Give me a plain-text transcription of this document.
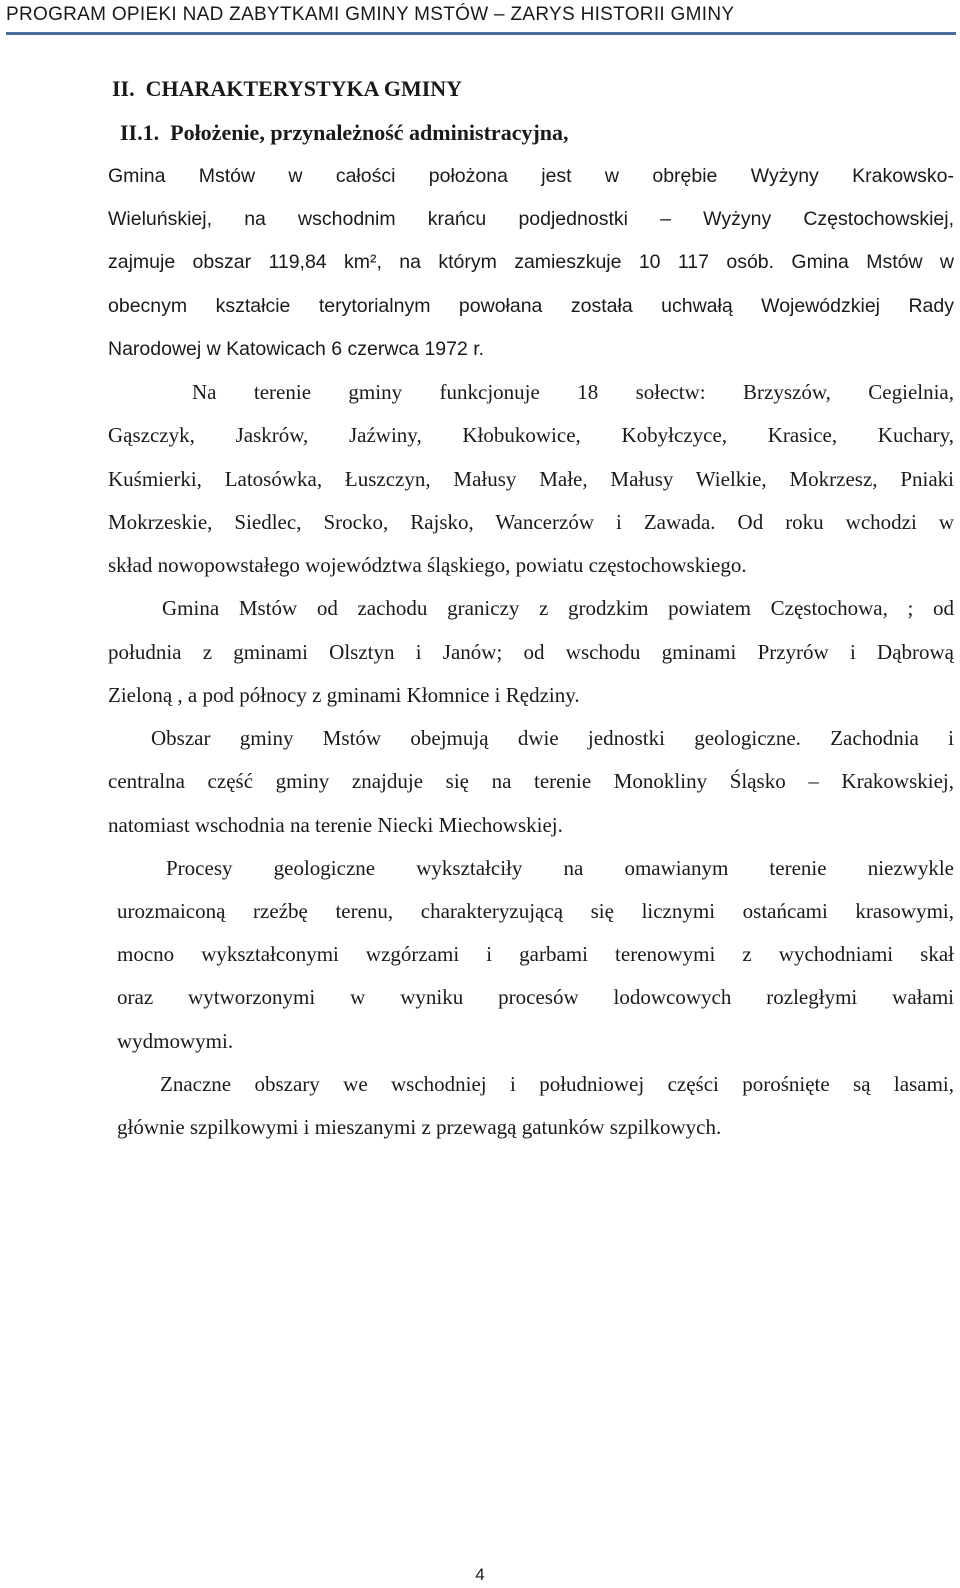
PROGRAM OPIEKI NAD ZABYTKAMI GMINY MSTÓW – ZARYS HISTORII GMINY
II. CHARAKTERYSTYKA GMINY
II.1. Położenie, przynależność administracyjna,
Gmina Mstów w całości położona jest w obrębie Wyżyny Krakowsko-
Wieluńskiej, na wschodnim krańcu podjednostki – Wyżyny Częstochowskiej,
zajmuje obszar 119,84 km², na którym zamieszkuje 10 117 osób. Gmina Mstów w
obecnym kształcie terytorialnym powołana została uchwałą Wojewódzkiej Rady
Narodowej w Katowicach 6 czerwca 1972 r.
Na terenie gminy funkcjonuje 18 sołectw: Brzyszów, Cegielnia,
Gąszczyk, Jaskrów, Jaźwiny, Kłobukowice, Kobyłczyce, Krasice, Kuchary,
Kuśmierki, Latosówka, Łuszczyn, Małusy Małe, Małusy Wielkie, Mokrzesz, Pniaki
Mokrzeskie, Siedlec, Srocko, Rajsko, Wancerzów i Zawada. Od roku wchodzi w
skład nowopowstałego województwa śląskiego, powiatu częstochowskiego.
Gmina Mstów od zachodu graniczy z grodzkim powiatem Częstochowa, ; od
południa z gminami Olsztyn i Janów; od wschodu gminami Przyrów i Dąbrową
Zieloną , a pod północy z gminami Kłomnice i Rędziny.
Obszar gminy Mstów obejmują dwie jednostki geologiczne. Zachodnia i
centralna część gminy znajduje się na terenie Monokliny Śląsko – Krakowskiej,
natomiast wschodnia na terenie Niecki Miechowskiej.
Procesy geologiczne wykształciły na omawianym terenie niezwykle
urozmaiconą rzeźbę terenu, charakteryzującą się licznymi ostańcami krasowymi,
mocno wykształconymi wzgórzami i garbami terenowymi z wychodniami skał
oraz wytworzonymi w wyniku procesów lodowcowych rozległymi wałami
wydmowymi.
Znaczne obszary we wschodniej i południowej części porośnięte są lasami,
głównie szpilkowymi i mieszanymi z przewagą gatunków szpilkowych.
4
